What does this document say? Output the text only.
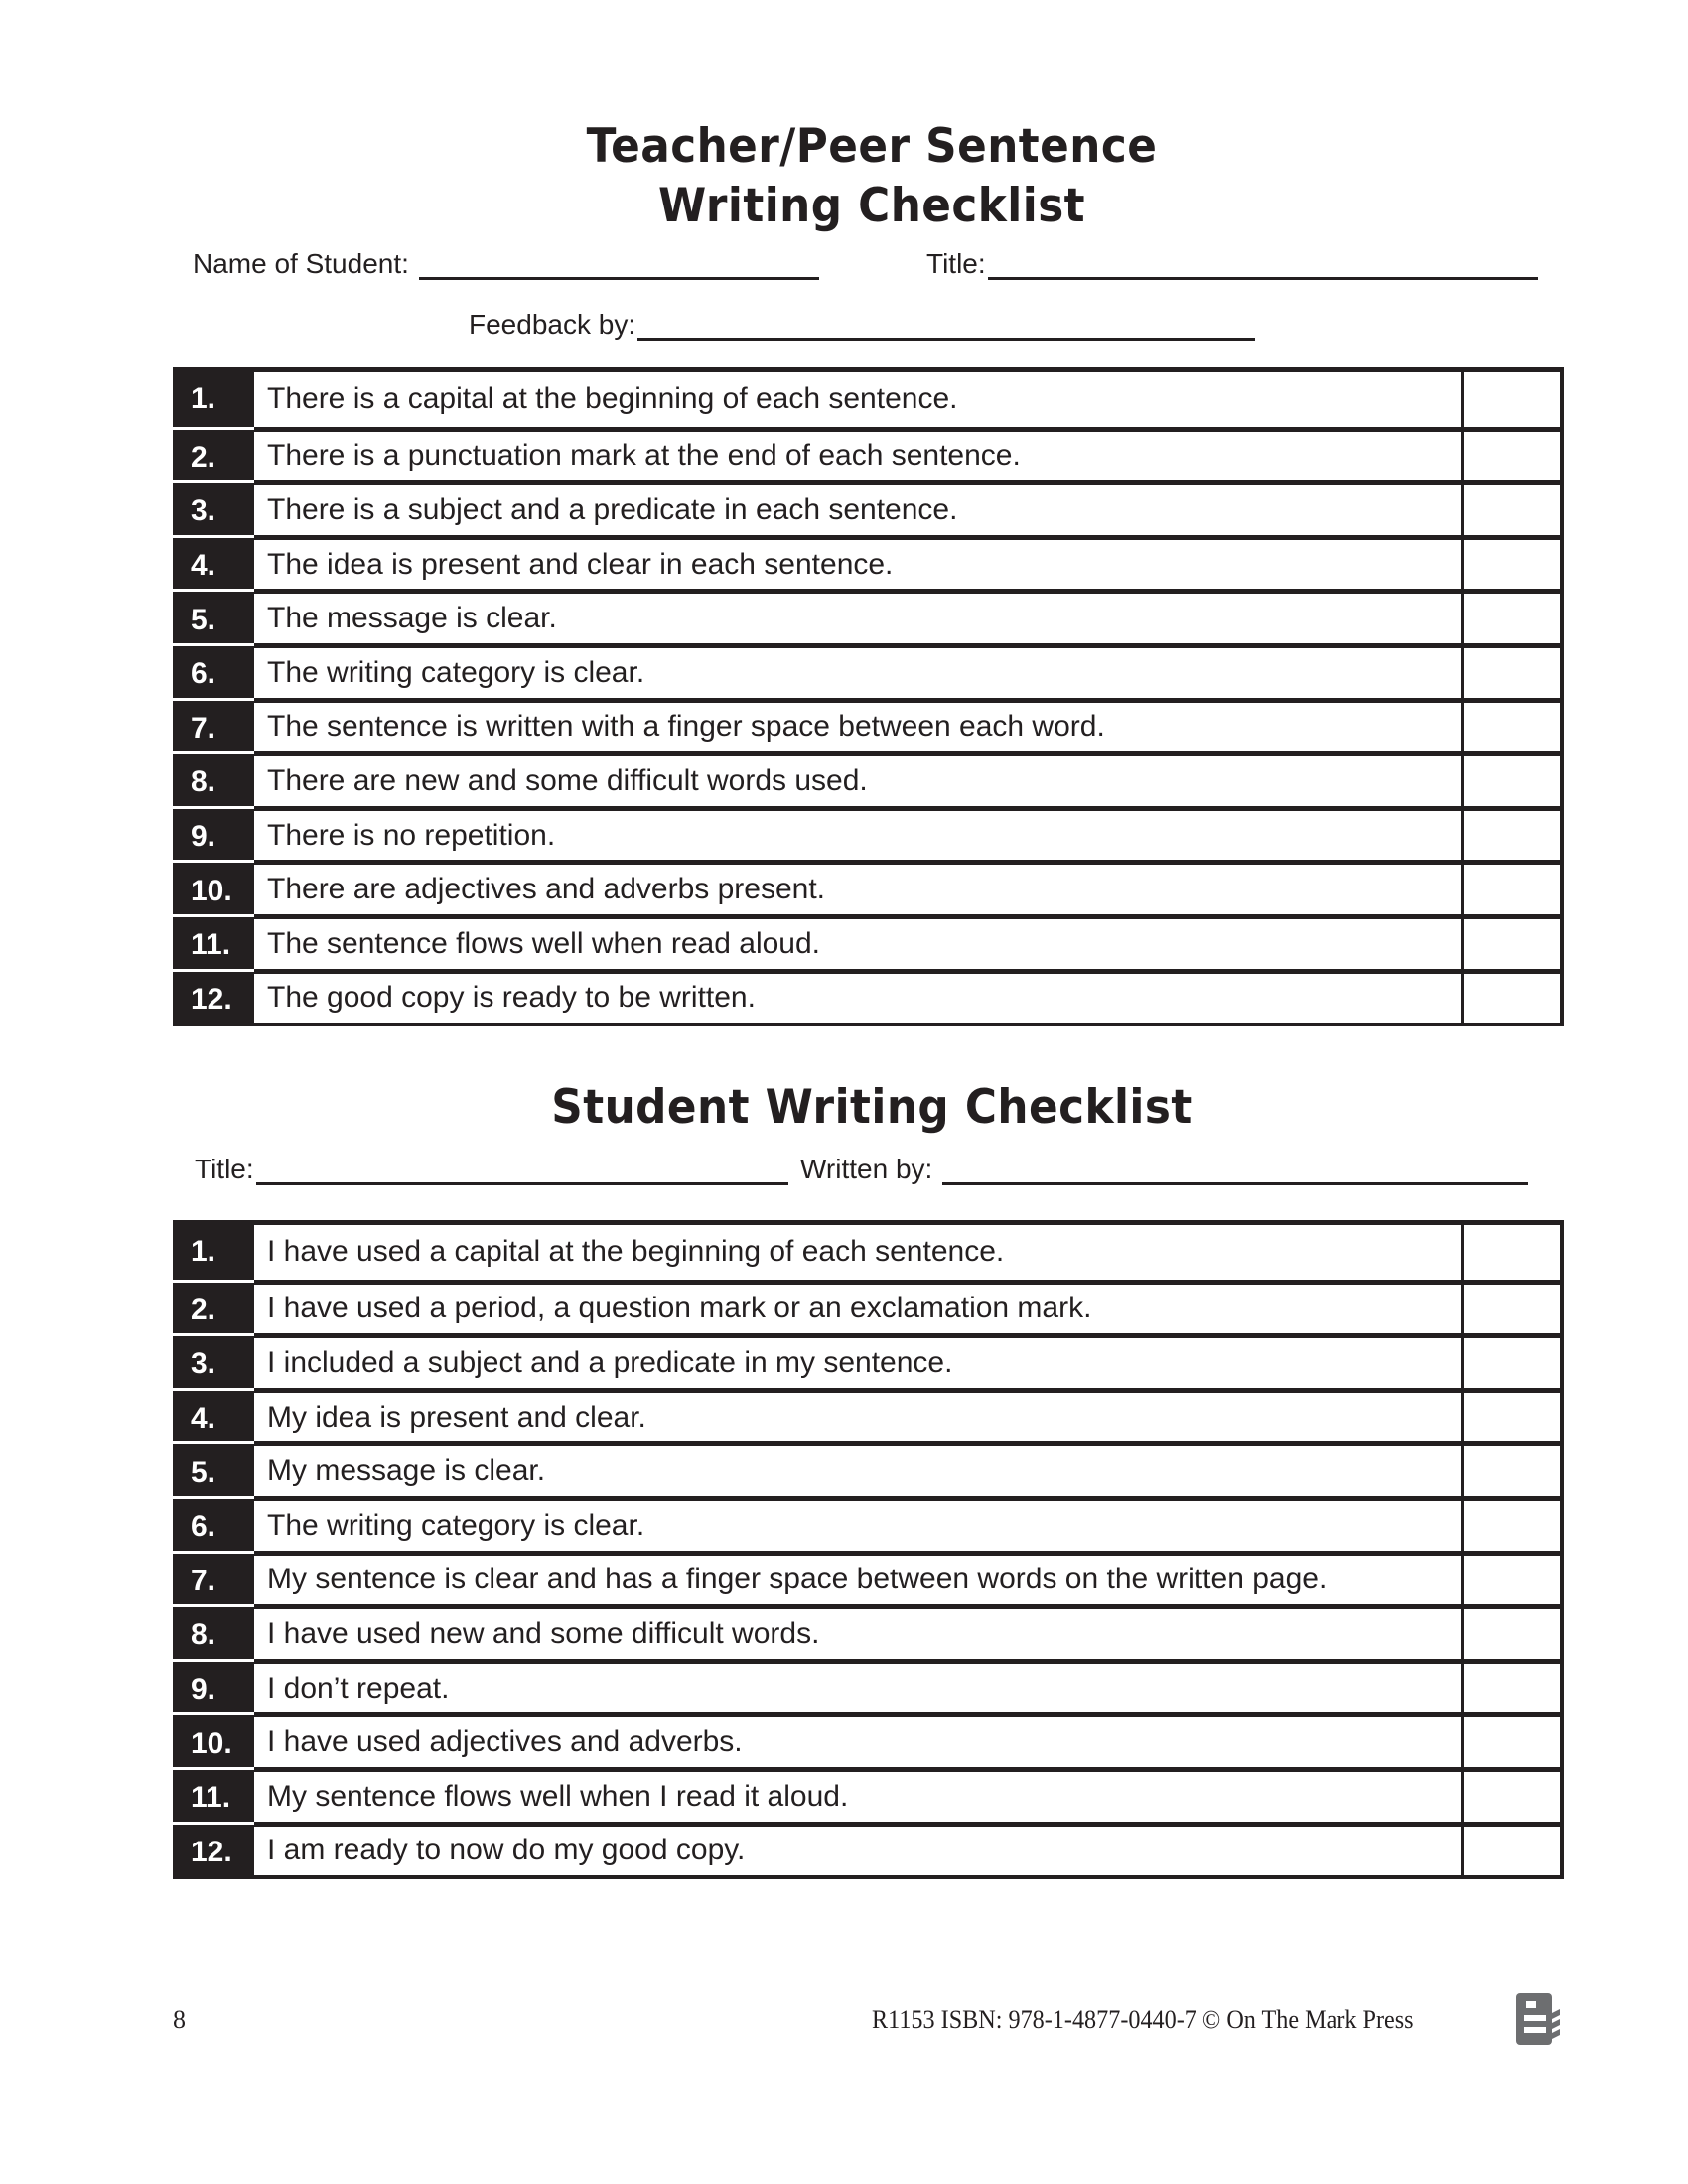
Teacher/Peer Sentence
Writing Checklist
Name of Student:	Title:
Feedback by:
1.	There is a capital at the beginning of each sentence.
2.	There is a punctuation mark at the end of each sentence.
3.	There is a subject and a predicate in each sentence.
4.	The idea is present and clear in each sentence.
5.	The message is clear.
6.	The writing category is clear.
7.	The sentence is written with a finger space between each word.
8.	There are new and some difficult words used.
9.	There is no repetition.
10.	There are adjectives and adverbs present.
11.	The sentence flows well when read aloud.
12.	The good copy is ready to be written.
Student Writing Checklist
Title:	Written by:
1.	I have used a capital at the beginning of each sentence.
2.	I have used a period, a question mark or an exclamation mark.
3.	I included a subject and a predicate in my sentence.
4.	My idea is present and clear.
5.	My message is clear.
6.	The writing category is clear.
7.	My sentence is clear and has a finger space between words on the written page.
8.	I have used new and some difficult words.
9.	I don’t repeat.
10.	I have used adjectives and adverbs.
11.	My sentence flows well when I read it aloud.
12.	I am ready to now do my good copy.
8	R1153 ISBN: 978-1-4877-0440-7 © On The Mark Press
